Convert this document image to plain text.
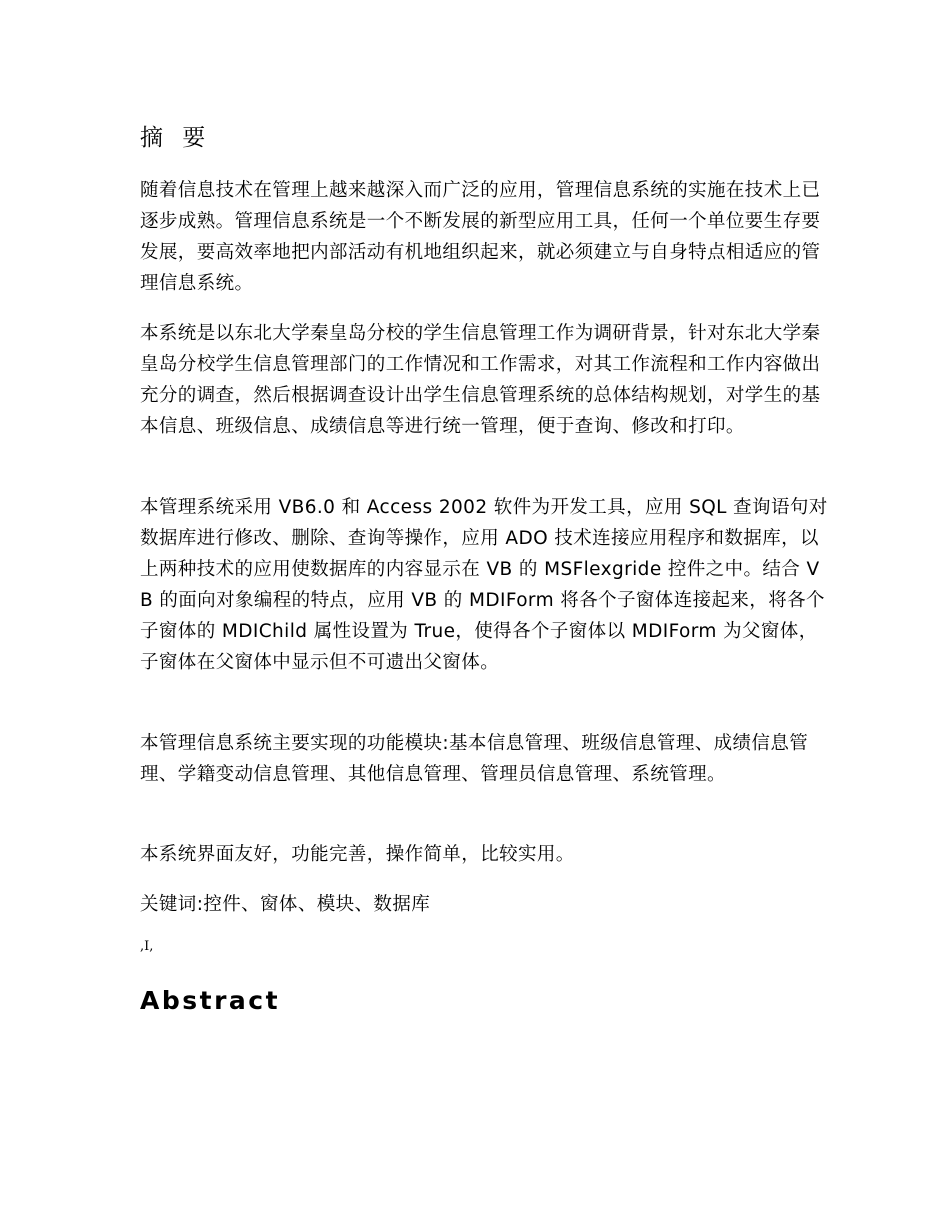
摘 要

随着信息技术在管理上越来越深入而广泛的应用，管理信息系统的实施在技术上已逐步成熟。管理信息系统是一个不断发展的新型应用工具，任何一个单位要生存要发展，要高效率地把内部活动有机地组织起来，就必须建立与自身特点相适应的管理信息系统。

本系统是以东北大学秦皇岛分校的学生信息管理工作为调研背景，针对东北大学秦皇岛分校学生信息管理部门的工作情况和工作需求，对其工作流程和工作内容做出充分的调查，然后根据调查设计出学生信息管理系统的总体结构规划，对学生的基本信息、班级信息、成绩信息等进行统一管理，便于查询、修改和打印。

本管理系统采用 VB6.0 和 Access 2002 软件为开发工具，应用 SQL 查询语句对数据库进行修改、删除、查询等操作，应用 ADO 技术连接应用程序和数据库，以上两种技术的应用使数据库的内容显示在 VB 的 MSFlexgride 控件之中。结合 VB 的面向对象编程的特点，应用 VB 的 MDIForm 将各个子窗体连接起来，将各个子窗体的 MDIChild 属性设置为 True，使得各个子窗体以 MDIForm 为父窗体，子窗体在父窗体中显示但不可遗出父窗体。

本管理信息系统主要实现的功能模块:基本信息管理、班级信息管理、成绩信息管理、学籍变动信息管理、其他信息管理、管理员信息管理、系统管理。

本系统界面友好，功能完善，操作简单，比较实用。

关键词:控件、窗体、模块、数据库

,I,

Abstract
